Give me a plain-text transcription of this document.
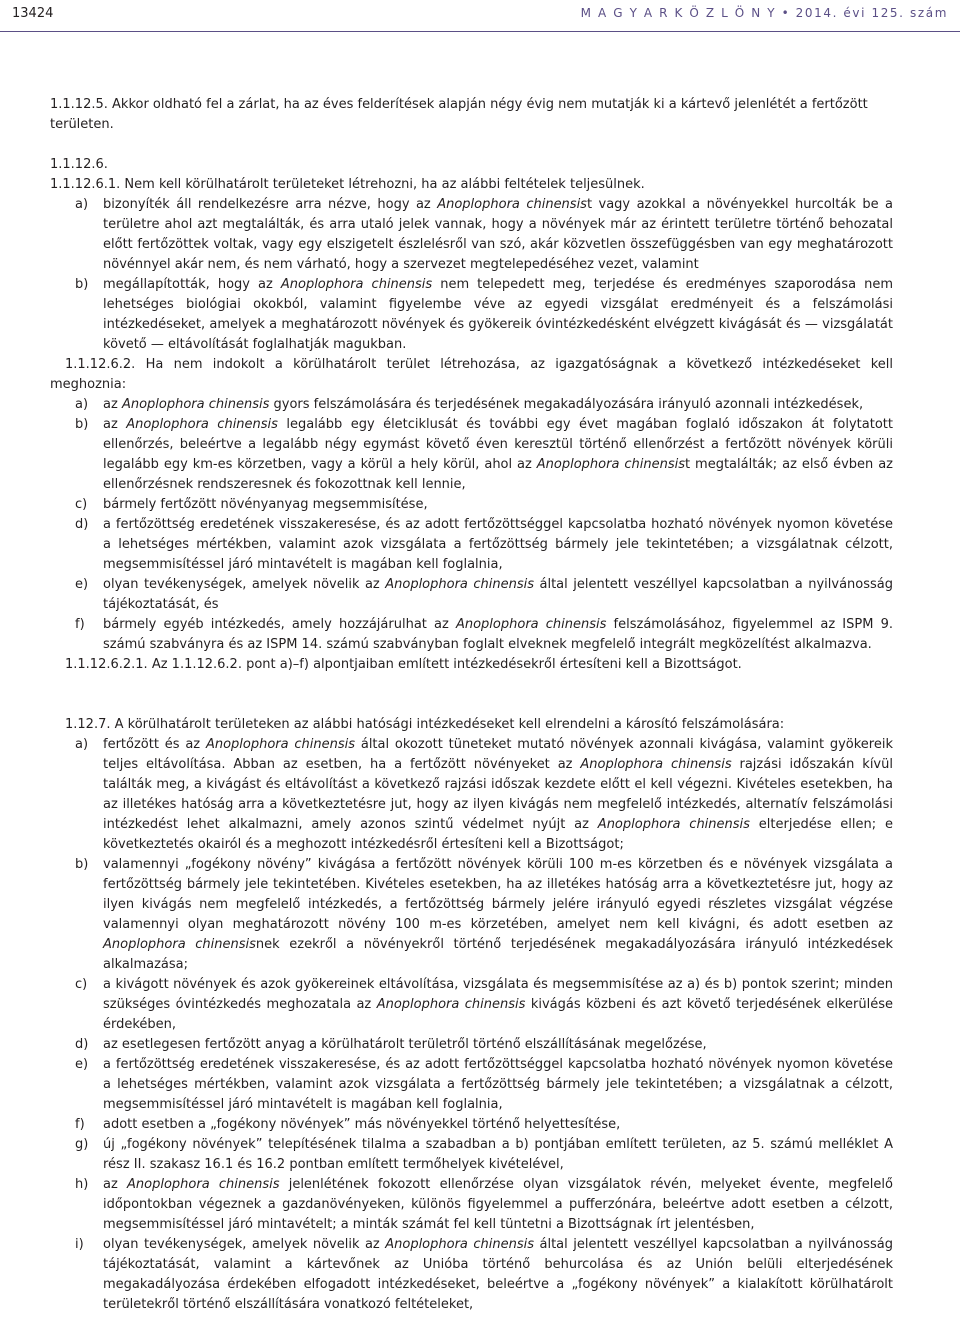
13424	M A G Y A R K Ö Z L Ö N Y • 2014. évi 125. szám

1.1.12.5. Akkor oldható fel a zárlat, ha az éves felderítések alapján négy évig nem mutatják ki a kártevő jelenlétét a fertőzött területen.

1.1.12.6.

1.1.12.6.1. Nem kell körülhatárolt területeket létrehozni, ha az alábbi feltételek teljesülnek.

a)	bizonyíték áll rendelkezésre arra nézve, hogy az Anoplophora chinensist vagy azokkal a növényekkel hurcolták be a területre ahol azt megtalálták, és arra utaló jelek vannak, hogy a növények már az érintett területre történő behozatal előtt fertőzöttek voltak, vagy egy elszigetelt észlelésről van szó, akár közvetlen összefüggésben van egy meghatározott növénnyel akár nem, és nem várható, hogy a szervezet megtelepedéséhez vezet, valamint
b)	megállapították, hogy az Anoplophora chinensis nem telepedett meg, terjedése és eredményes szaporodása nem lehetséges biológiai okokból, valamint figyelembe véve az egyedi vizsgálat eredményeit és a felszámolási intézkedéseket, amelyek a meghatározott növények és gyökereik óvintézkedésként elvégzett kivágását és — vizsgálatát követő — eltávolítását foglalhatják magukban.

1.1.12.6.2. Ha nem indokolt a körülhatárolt terület létrehozása, az igazgatóságnak a következő intézkedéseket kell meghoznia:

a)	az Anoplophora chinensis gyors felszámolására és terjedésének megakadályozására irányuló azonnali intézkedések,
b)	az Anoplophora chinensis legalább egy életciklusát és további egy évet magában foglaló időszakon át folytatott ellenőrzés, beleértve a legalább négy egymást követő éven keresztül történő ellenőrzést a fertőzött növények körüli legalább egy km-es körzetben, vagy a körül a hely körül, ahol az Anoplophora chinensist megtalálták; az első évben az ellenőrzésnek rendszeresnek és fokozottnak kell lennie,
c)	bármely fertőzött növényanyag megsemmisítése,
d)	a fertőzöttség eredetének visszakeresése, és az adott fertőzöttséggel kapcsolatba hozható növények nyomon követése a lehetséges mértékben, valamint azok vizsgálata a fertőzöttség bármely jele tekintetében; a vizsgálatnak célzott, megsemmisítéssel járó mintavételt is magában kell foglalnia,
e)	olyan tevékenységek, amelyek növelik az Anoplophora chinensis által jelentett veszéllyel kapcsolatban a nyilvánosság tájékoztatását, és
f)	bármely egyéb intézkedés, amely hozzájárulhat az Anoplophora chinensis felszámolásához, figyelemmel az ISPM 9. számú szabványra és az ISPM 14. számú szabványban foglalt elveknek megfelelő integrált megközelítést alkalmazva.

1.1.12.6.2.1. Az 1.1.12.6.2. pont a)–f) alpontjaiban említett intézkedésekről értesíteni kell a Bizottságot.

1.12.7. A körülhatárolt területeken az alábbi hatósági intézkedéseket kell elrendelni a károsító felszámolására:

a)	fertőzött és az Anoplophora chinensis által okozott tüneteket mutató növények azonnali kivágása, valamint gyökereik teljes eltávolítása. Abban az esetben, ha a fertőzött növényeket az Anoplophora chinensis rajzási időszakán kívül találták meg, a kivágást és eltávolítást a következő rajzási időszak kezdete előtt el kell végezni. Kivételes esetekben, ha az illetékes hatóság arra a következtetésre jut, hogy az ilyen kivágás nem megfelelő intézkedés, alternatív felszámolási intézkedést lehet alkalmazni, amely azonos szintű védelmet nyújt az Anoplophora chinensis elterjedése ellen; e következtetés okairól és a meghozott intézkedésről értesíteni kell a Bizottságot;
b)	valamennyi „fogékony növény” kivágása a fertőzött növények körüli 100 m-es körzetben és e növények vizsgálata a fertőzöttség bármely jele tekintetében. Kivételes esetekben, ha az illetékes hatóság arra a következtetésre jut, hogy az ilyen kivágás nem megfelelő intézkedés, a fertőzöttség bármely jelére irányuló egyedi részletes vizsgálat végzése valamennyi olyan meghatározott növény 100 m-es körzetében, amelyet nem kell kivágni, és adott esetben az Anoplophora chinensisnek ezekről a növényekről történő terjedésének megakadályozására irányuló intézkedések alkalmazása;
c)	a kivágott növények és azok gyökereinek eltávolítása, vizsgálata és megsemmisítése az a) és b) pontok szerint; minden szükséges óvintézkedés meghozatala az Anoplophora chinensis kivágás közbeni és azt követő terjedésének elkerülése érdekében,
d)	az esetlegesen fertőzött anyag a körülhatárolt területről történő elszállításának megelőzése,
e)	a fertőzöttség eredetének visszakeresése, és az adott fertőzöttséggel kapcsolatba hozható növények nyomon követése a lehetséges mértékben, valamint azok vizsgálata a fertőzöttség bármely jele tekintetében; a vizsgálatnak a célzott, megsemmisítéssel járó mintavételt is magában kell foglalnia,
f)	adott esetben a „fogékony növények” más növényekkel történő helyettesítése,
g)	új „fogékony növények” telepítésének tilalma a szabadban a b) pontjában említett területen, az 5. számú melléklet A rész II. szakasz 16.1 és 16.2 pontban említett termőhelyek kivételével,
h)	az Anoplophora chinensis jelenlétének fokozott ellenőrzése olyan vizsgálatok révén, melyeket évente, megfelelő időpontokban végeznek a gazdanövényeken, különös figyelemmel a pufferzónára, beleértve adott esetben a célzott, megsemmisítéssel járó mintavételt; a minták számát fel kell tüntetni a Bizottságnak írt jelentésben,
i)	olyan tevékenységek, amelyek növelik az Anoplophora chinensis által jelentett veszéllyel kapcsolatban a nyilvánosság tájékoztatását, valamint a kártevőnek az Unióba történő behurcolása és az Unión belüli elterjedésének megakadályozása érdekében elfogadott intézkedéseket, beleértve a „fogékony növények” a kialakított körülhatárolt területekről történő elszállítására vonatkozó feltételeket,
